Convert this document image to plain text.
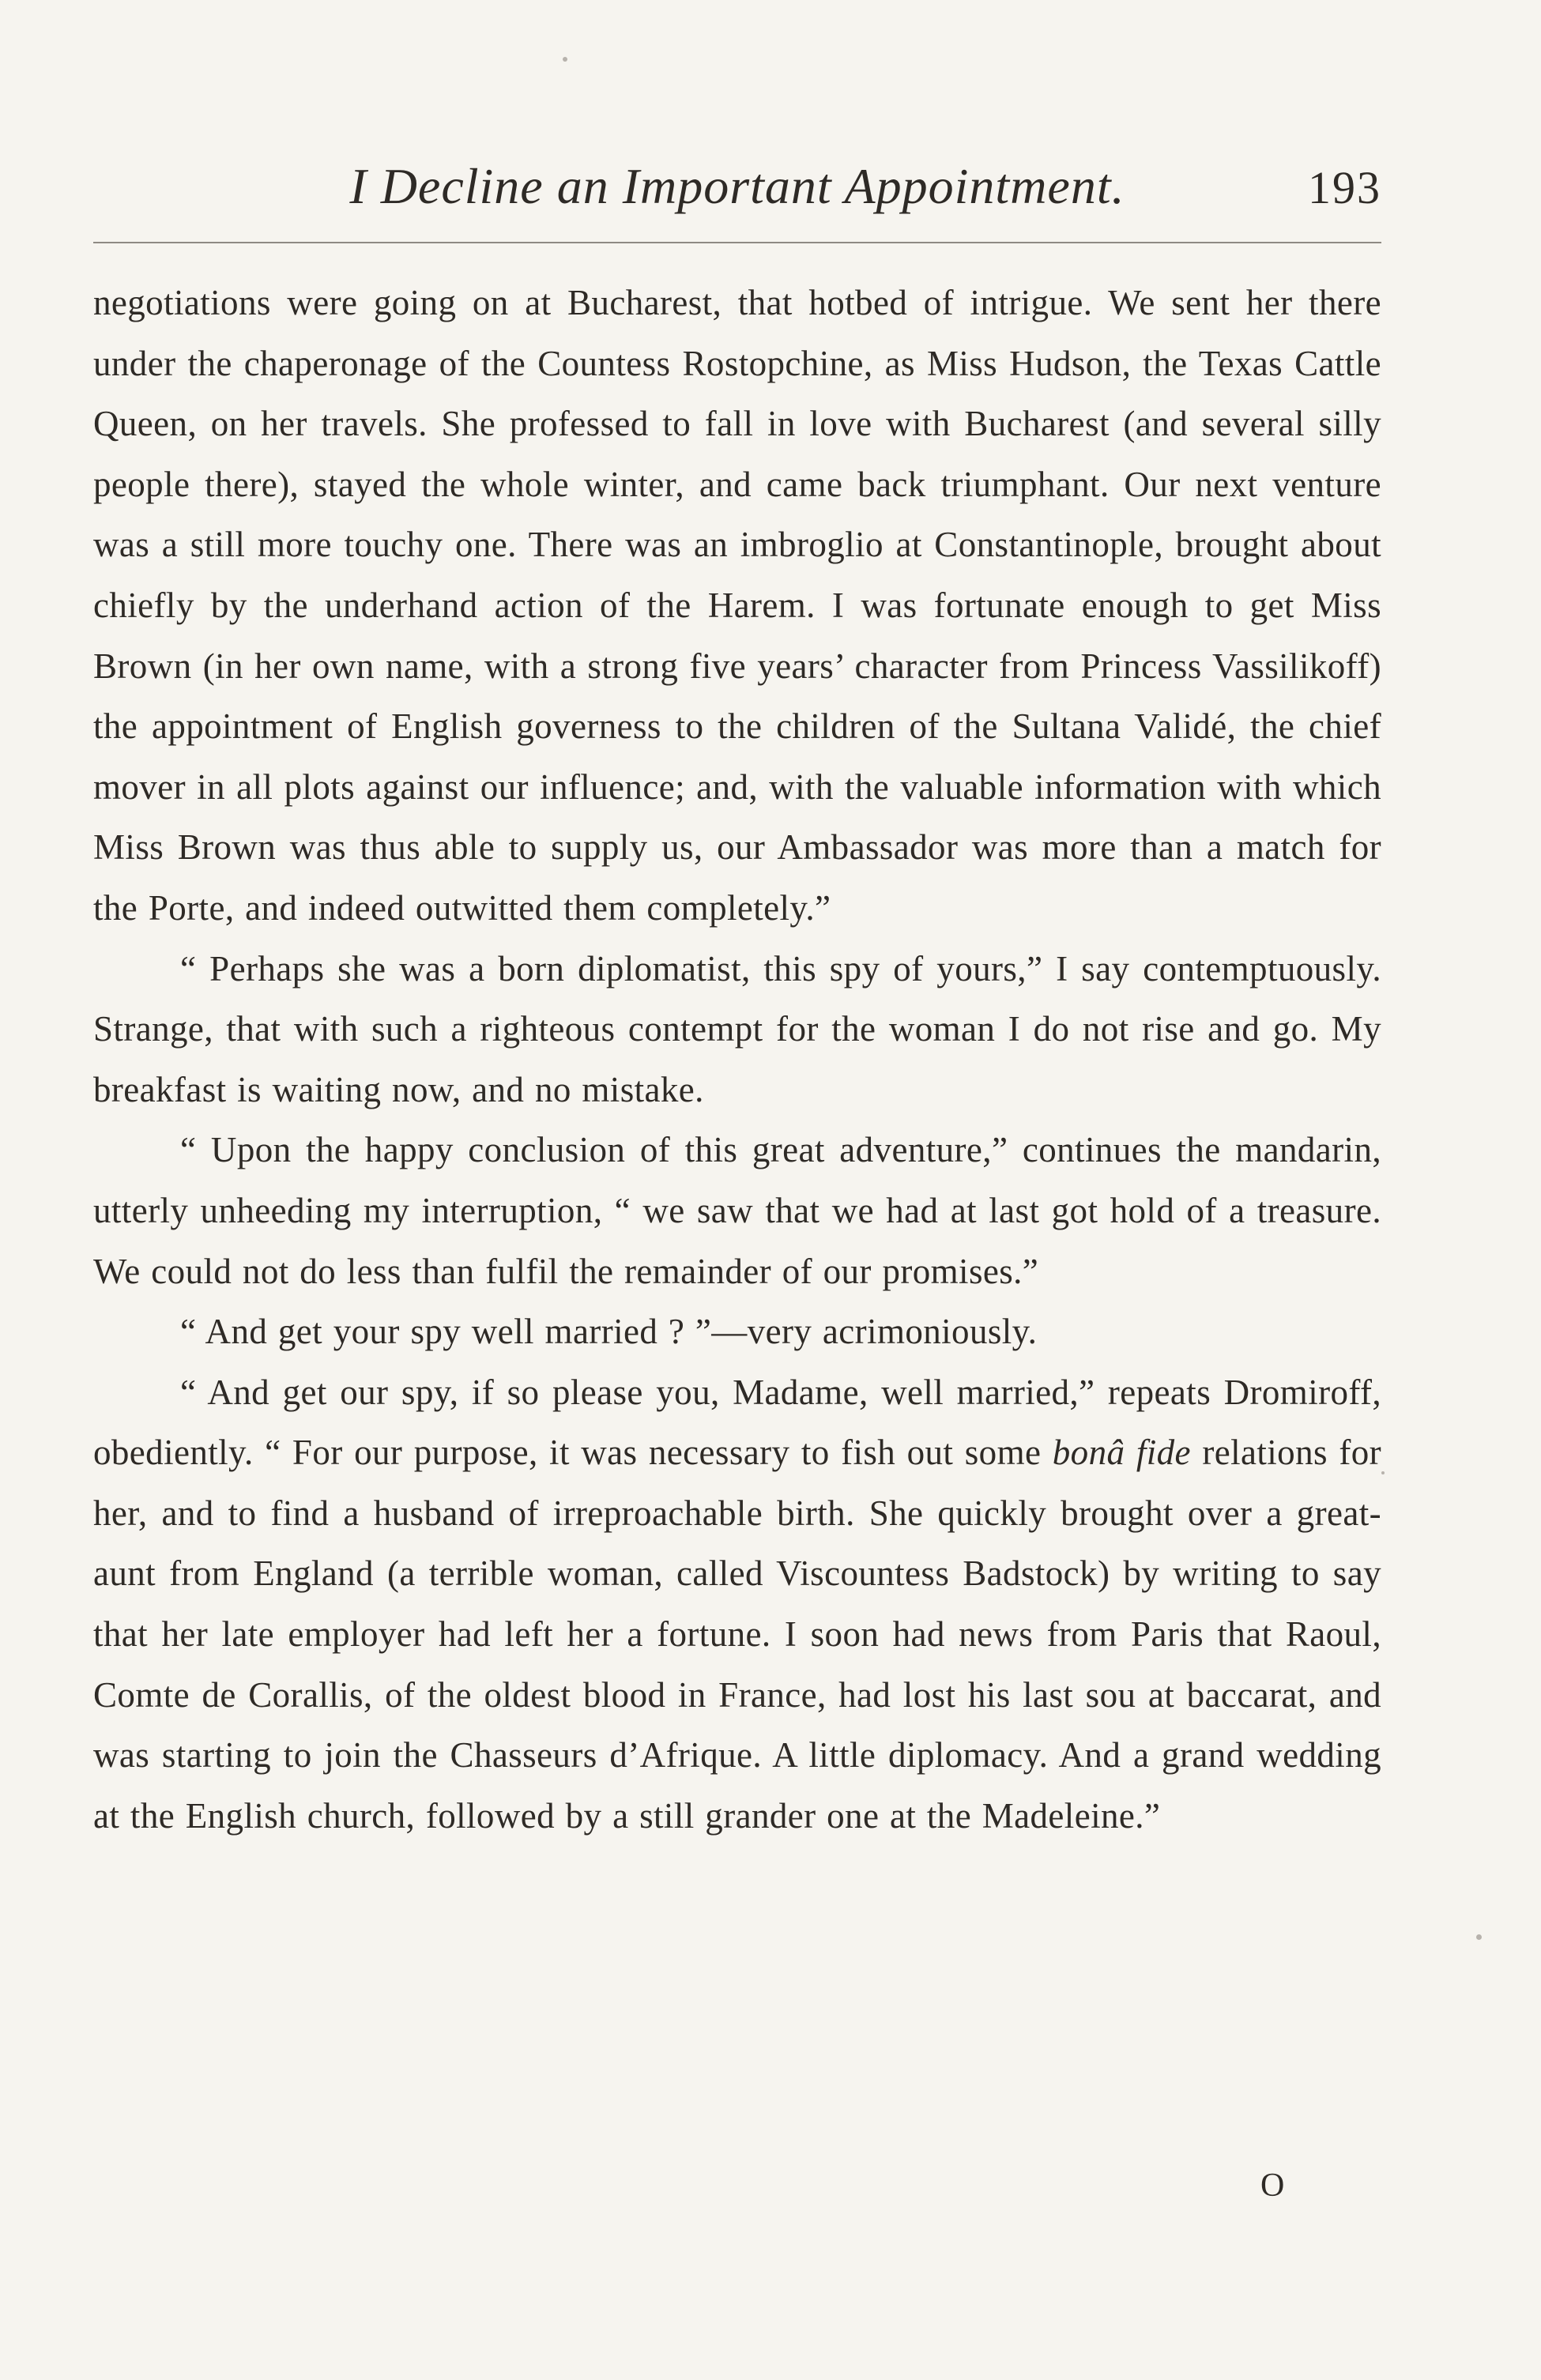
I Decline an Important Appointment.	193

negotiations were going on at Bucharest, that hotbed of intrigue. We sent her there under the chaperonage of the Countess Rostopchine, as Miss Hudson, the Texas Cattle Queen, on her travels. She professed to fall in love with Bucharest (and several silly people there), stayed the whole winter, and came back triumphant. Our next venture was a still more touchy one. There was an imbroglio at Constantinople, brought about chiefly by the underhand action of the Harem. I was fortunate enough to get Miss Brown (in her own name, with a strong five years’ character from Princess Vassilikoff) the appointment of English governess to the children of the Sultana Validé, the chief mover in all plots against our influence; and, with the valuable information with which Miss Brown was thus able to supply us, our Ambassador was more than a match for the Porte, and indeed outwitted them completely.”

“ Perhaps she was a born diplomatist, this spy of yours,” I say contemptuously. Strange, that with such a righteous contempt for the woman I do not rise and go. My breakfast is waiting now, and no mistake.

“ Upon the happy conclusion of this great adventure,” continues the mandarin, utterly unheeding my interruption, “ we saw that we had at last got hold of a treasure. We could not do less than fulfil the remainder of our promises.”

“ And get your spy well married ? ”—very acrimoniously.

“ And get our spy, if so please you, Madame, well married,” repeats Dromiroff, obediently. “ For our purpose, it was necessary to fish out some bonâ fide relations for her, and to find a husband of irreproachable birth. She quickly brought over a great-aunt from England (a terrible woman, called Viscountess Badstock) by writing to say that her late employer had left her a fortune. I soon had news from Paris that Raoul, Comte de Corallis, of the oldest blood in France, had lost his last sou at baccarat, and was starting to join the Chasseurs d’Afrique. A little diplomacy. And a grand wedding at the English church, followed by a still grander one at the Madeleine.”

O
